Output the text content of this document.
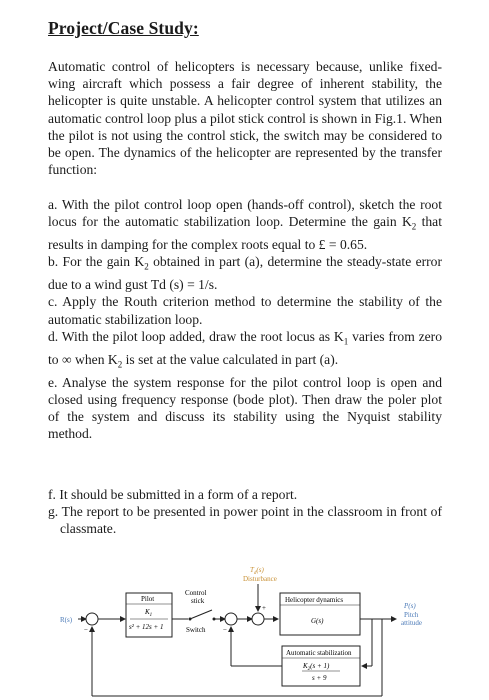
Project/Case Study:

Automatic control of helicopters is necessary because, unlike fixed-wing aircraft which possess a fair degree of inherent stability, the helicopter is quite unstable. A helicopter control system that utilizes an automatic control loop plus a pilot stick control is shown in Fig.1. When the pilot is not using the control stick, the switch may be considered to be open. The dynamics of the helicopter are represented by the transfer function:

a. With the pilot control loop open (hands-off control), sketch the root locus for the automatic stabilization loop. Determine the gain $K_2$ that results in damping for the complex roots equal to £ = 0.65.

b. For the gain $K_2$ obtained in part (a), determine the steady-state error due to a wind gust Td (s) = 1/s.

c. Apply the Routh criterion method to determine the stability of the automatic stabilization loop.

d. With the pilot loop added, draw the root locus as $K_1$ varies from zero to ∞ when $K_2$ is set at the value calculated in part (a).

e. Analyse the system response for the pilot control loop is open and closed using frequency response (bode plot). Then draw the poler plot of the system and discuss its stability using the Nyquist stability method.

f. It should be submitted in a form of a report.

g. The report to be presented in power point in the classroom in front of classmate.

R(s)
−
Pilot
$K_1$
s² + 12s + 1
Control
stick
Switch	−
$T_d(s)$
Disturbance
+
Helicopter dynamics
G(s)
P(s)
Pitch
attitude
Automatic stabilization
$K_2(s + 1)$
s + 9
